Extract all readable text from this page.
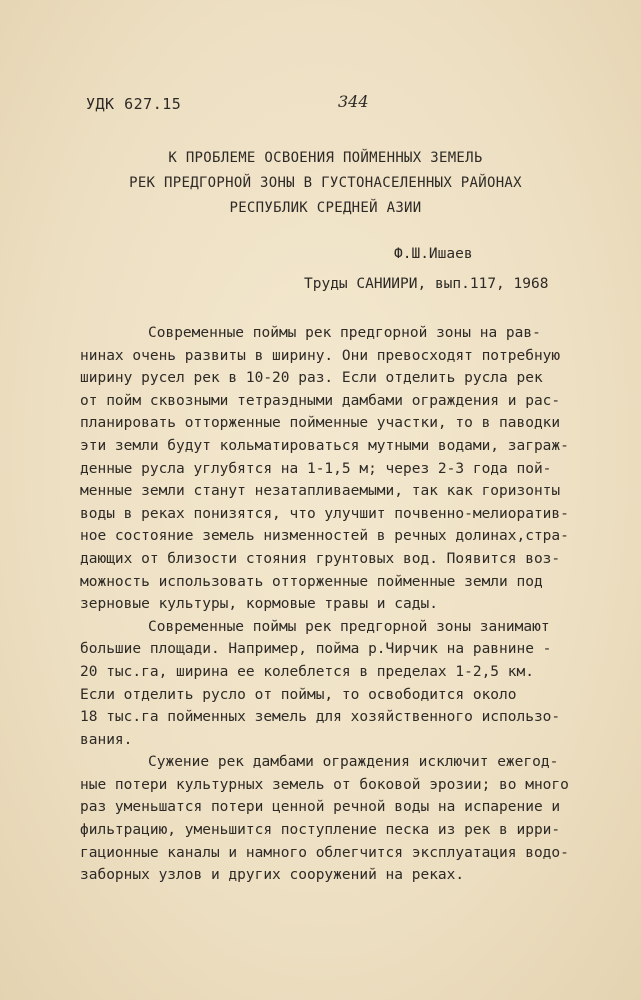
УДК 627.15	344
К ПРОБЛЕМЕ ОСВОЕНИЯ ПОЙМЕННЫХ ЗЕМЕЛЬ
РЕК ПРЕДГОРНОЙ ЗОНЫ В ГУСТОНАСЕЛЕННЫХ РАЙОНАХ
РЕСПУБЛИК СРЕДНЕЙ АЗИИ
Ф.Ш.Ишаев
Труды САНИИРИ, вып.117, 1968
Современные поймы рек предгорной зоны на рав-
нинах очень развиты в ширину. Они превосходят потребную
ширину русел рек в 10-20 раз. Если отделить русла рек
от пойм сквозными тетраэдными дамбами ограждения и рас-
планировать отторженные пойменные участки, то в паводки
эти земли будут кольматироваться мутными водами, заграж-
денные русла углубятся на 1-1,5 м; через 2-3 года пой-
менные земли станут незатапливаемыми, так как горизонты
воды в реках понизятся, что улучшит почвенно-мелиоратив-
ное состояние земель низменностей в речных долинах,стра-
дающих от близости стояния грунтовых вод. Появится воз-
можность использовать отторженные пойменные земли под
зерновые культуры, кормовые травы и сады.
Современные поймы рек предгорной зоны занимают
большие площади. Например, пойма р.Чирчик на равнине -
20 тыс.га, ширина ее колеблется в пределах 1-2,5 км.
Если отделить русло от поймы, то освободится около
18 тыс.га пойменных земель для хозяйственного использо-
вания.
Сужение рек дамбами ограждения исключит ежегод-
ные потери культурных земель от боковой эрозии; во много
раз уменьшатся потери ценной речной воды на испарение и
фильтрацию, уменьшится поступление песка из рек в ирри-
гационные каналы и намного облегчится эксплуатация водо-
заборных узлов и других сооружений на реках.
